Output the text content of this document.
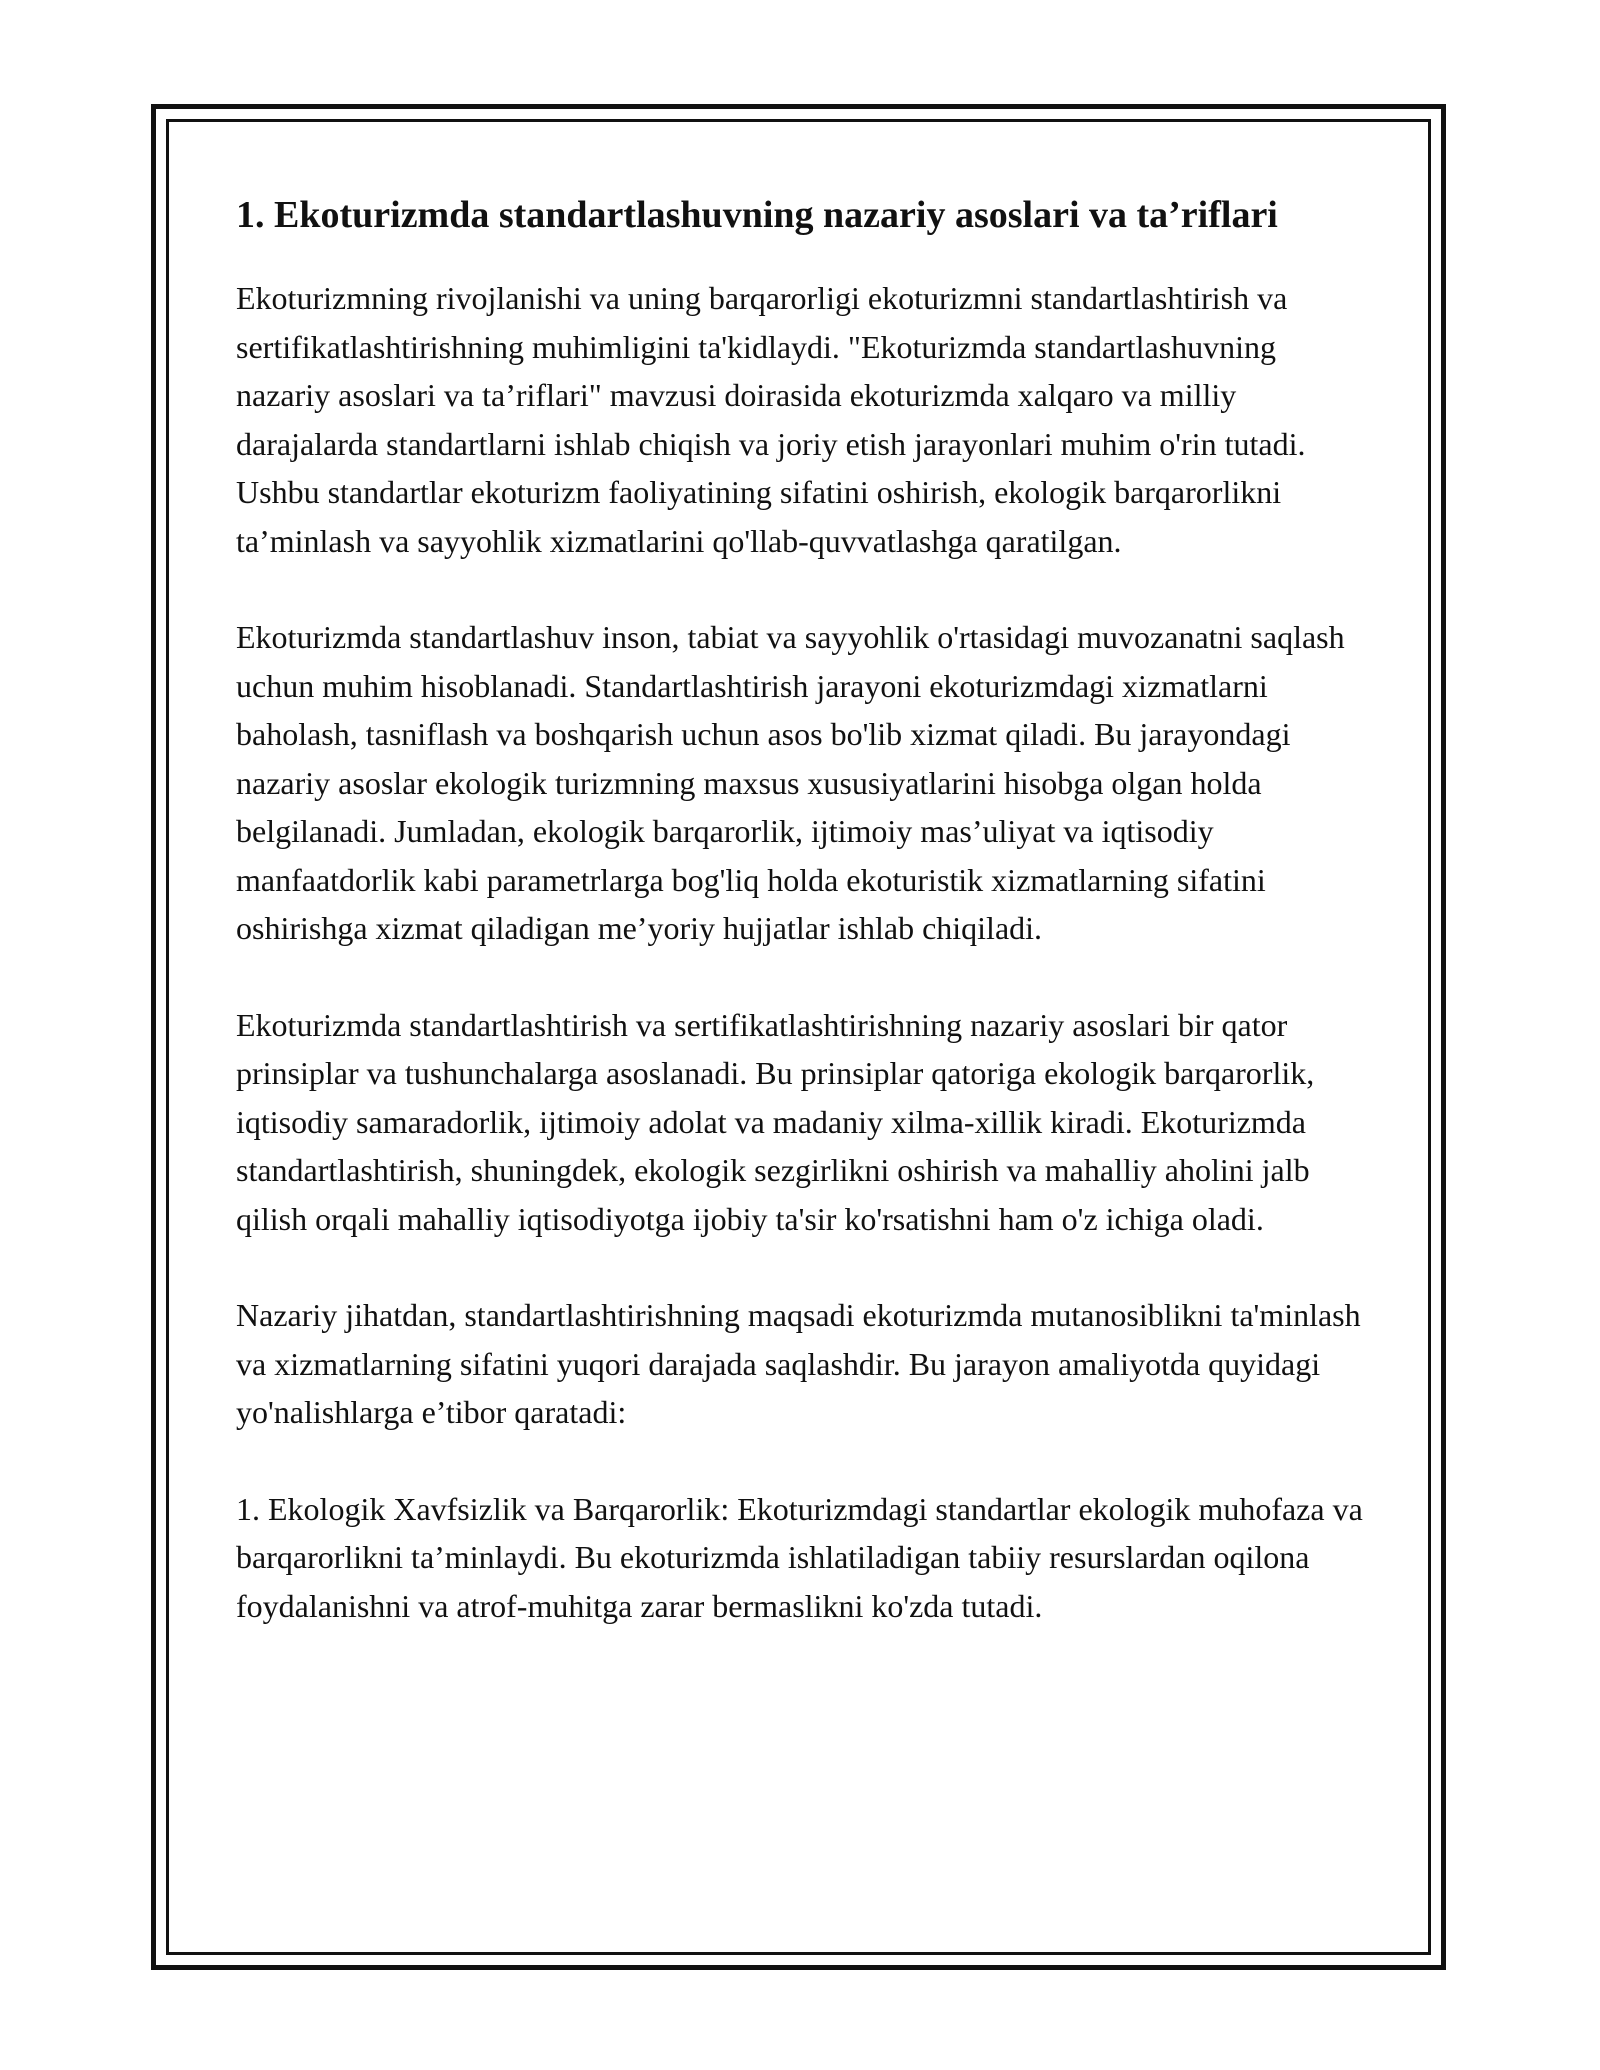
1. Ekoturizmda standartlashuvning nazariy asoslari va ta’riflari

Ekoturizmning rivojlanishi va uning barqarorligi ekoturizmni standartlashtirish va sertifikatlashtirishning muhimligini ta'kidlaydi. "Ekoturizmda standartlashuvning nazariy asoslari va ta’riflari" mavzusi doirasida ekoturizmda xalqaro va milliy darajalarda standartlarni ishlab chiqish va joriy etish jarayonlari muhim o'rin tutadi. Ushbu standartlar ekoturizm faoliyatining sifatini oshirish, ekologik barqarorlikni ta’minlash va sayyohlik xizmatlarini qo'llab-quvvatlashga qaratilgan.

Ekoturizmda standartlashuv inson, tabiat va sayyohlik o'rtasidagi muvozanatni saqlash uchun muhim hisoblanadi. Standartlashtirish jarayoni ekoturizmdagi xizmatlarni baholash, tasniflash va boshqarish uchun asos bo'lib xizmat qiladi. Bu jarayondagi nazariy asoslar ekologik turizmning maxsus xususiyatlarini hisobga olgan holda belgilanadi. Jumladan, ekologik barqarorlik, ijtimoiy mas’uliyat va iqtisodiy manfaatdorlik kabi parametrlarga bog'liq holda ekoturistik xizmatlarning sifatini oshirishga xizmat qiladigan me’yoriy hujjatlar ishlab chiqiladi.

Ekoturizmda standartlashtirish va sertifikatlashtirishning nazariy asoslari bir qator prinsiplar va tushunchalarga asoslanadi. Bu prinsiplar qatoriga ekologik barqarorlik, iqtisodiy samaradorlik, ijtimoiy adolat va madaniy xilma-xillik kiradi. Ekoturizmda standartlashtirish, shuningdek, ekologik sezgirlikni oshirish va mahalliy aholini jalb qilish orqali mahalliy iqtisodiyotga ijobiy ta'sir ko'rsatishni ham o'z ichiga oladi.

Nazariy jihatdan, standartlashtirishning maqsadi ekoturizmda mutanosiblikni ta'minlash va xizmatlarning sifatini yuqori darajada saqlashdir. Bu jarayon amaliyotda quyidagi yo'nalishlarga e’tibor qaratadi:

1. Ekologik Xavfsizlik va Barqarorlik: Ekoturizmdagi standartlar ekologik muhofaza va barqarorlikni ta’minlaydi. Bu ekoturizmda ishlatiladigan tabiiy resurslardan oqilona foydalanishni va atrof-muhitga zarar bermaslikni ko'zda tutadi.
